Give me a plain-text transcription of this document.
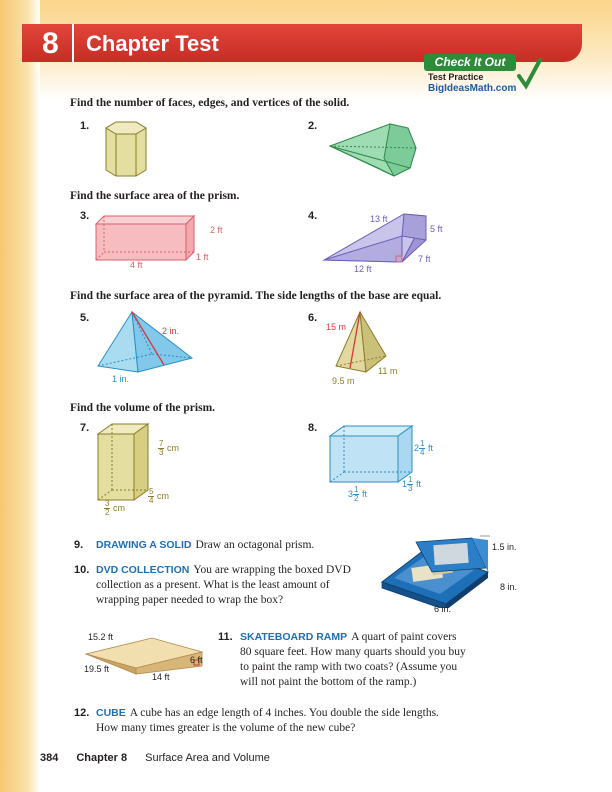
8 Chapter Test
Check It Out
Test Practice
BigIdeasMath.com
Find the number of faces, edges, and vertices of the solid.
1.	2.
Find the surface area of the prism.
3.
2 ft
4 ft
1 ft
4.	13 ft
5 ft
7 ft
12 ft
Find the surface area of the pyramid. The side lengths of the base are equal.
5.
2 in.
1 in.
6.
15 m
11 m
9.5 m
Find the volume of the prism.
7.
$\frac{7}{3}$ cm
$\frac{5}{4}$ cm
$\frac{3}{2}$ cm
8.
$2 \frac{1}{4}$ ft
$1 \frac{1}{3}$ ft
$3 \frac{1}{2}$ ft
9. DRAWING A SOLID Draw an octagonal prism.
10. DVD COLLECTION You are wrapping the boxed DVD
collection as a present. What is the least amount of
wrapping paper needed to wrap the box?
1.5 in.
8 in.
6 in.
15.2 ft
19.5 ft
14 ft
6 ft
11. SKATEBOARD RAMP A quart of paint covers
80 square feet. How many quarts should you buy
to paint the ramp with two coats? (Assume you
will not paint the bottom of the ramp.)
12. CUBE A cube has an edge length of 4 inches. You double the side lengths.
How many times greater is the volume of the new cube?
384 Chapter 8 Surface Area and Volume
